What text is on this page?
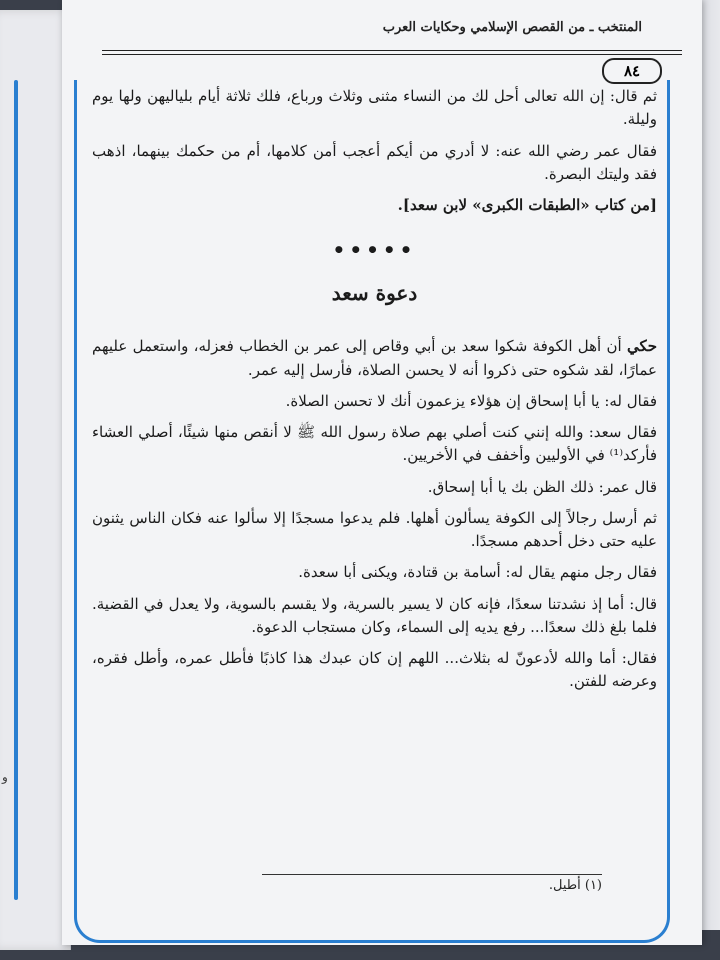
و
المنتخب ـ من القصص الإسلامي وحكايات العرب
٨٤

ثم قال: إن الله تعالى أحل لك من النساء مثنى وثلاث ورباع، فلك ثلاثة أيام بلياليهن ولها يوم وليلة.

فقال عمر رضي الله عنه: لا أدري من أيكم أعجب أمن كلامها، أم من حكمك بينهما، اذهب فقد وليتك البصرة.

[من كتاب «الطبقات الكبرى» لابن سعد].

•••••
دعوة سعد

حكي أن أهل الكوفة شكوا سعد بن أبي وقاص إلى عمر بن الخطاب فعزله، واستعمل عليهم عمارًا، لقد شكوه حتى ذكروا أنه لا يحسن الصلاة، فأرسل إليه عمر.

فقال له: يا أبا إسحاق إن هؤلاء يزعمون أنك لا تحسن الصلاة.

فقال سعد: والله إنني كنت أصلي بهم صلاة رسول الله ﷺ لا أنقص منها شيئًا، أصلي العشاء فأركد⁽¹⁾ في الأوليين وأخفف في الأخريين.

قال عمر: ذلك الظن بك يا أبا إسحاق.

ثم أرسل رجالاً إلى الكوفة يسألون أهلها. فلم يدعوا مسجدًا إلا سألوا عنه فكان الناس يثنون عليه حتى دخل أحدهم مسجدًا.

فقال رجل منهم يقال له: أسامة بن قتادة، ويكنى أبا سعدة.

قال: أما إذ نشدتنا سعدًا، فإنه كان لا يسير بالسرية، ولا يقسم بالسوية، ولا يعدل في القضية. فلما بلغ ذلك سعدًا... رفع يديه إلى السماء، وكان مستجاب الدعوة.

فقال: أما والله لأدعونّ له بثلاث... اللهم إن كان عبدك هذا كاذبًا فأطل عمره، وأطل فقره، وعرضه للفتن.

(١) أطيل.
